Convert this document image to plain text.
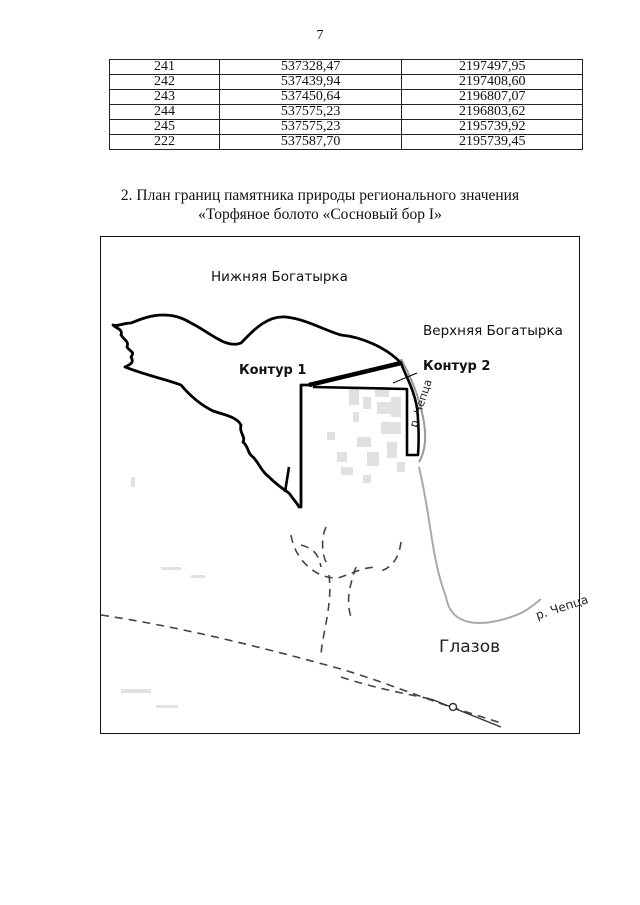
7
241	537328,47	2197497,95
242	537439,94	2197408,60
243	537450,64	2196807,07
244	537575,23	2196803,62
245	537575,23	2195739,92
222	537587,70	2195739,45
2. План границ памятника природы регионального значения
«Торфяное болото «Сосновый бор I»
Нижняя Богатырка
Верхняя Богатырка
Контур 1	Контур 2
р. Чепца
р. Чепца
Глазов
